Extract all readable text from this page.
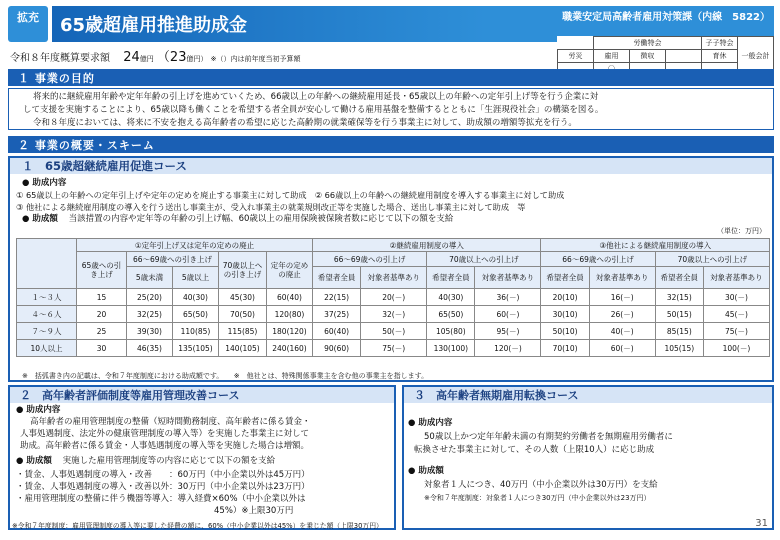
拡充	65歳超雇用推進助成金	職業安定局高齢者雇用対策課（内線　5822）
令和８年度概算要求額 24億円 （23億円） ※（）内は前年度当初予算額
	労働特会			子子特会	一般会計
労災	雇用	徴収		育休	

１ 事業の目的

将来的に継続雇用年齢や定年年齢の引上げを進めていくため、66歳以上の年齢への継続雇用延長・65歳以上の年齢への定年引上げ等を行う企業に対

して支援を実施することにより、65歳以降も働くことを希望する者全員が安心して働ける雇用基盤を整備するとともに「生涯現役社会」の構築を図る。

令和８年度においては、将来に不安を抱える高年齢者の希望に応じた高齢期の就業確保等を行う事業主に対して、助成額の増額等拡充を行う。

２ 事業の概要・スキーム
１　65歳超継続雇用促進コース
● 助成内容
① 65歳以上の年齢への定年引上げや定年の定めを廃止する事業主に対して助成　② 66歳以上の年齢への継続雇用制度を導入する事業主に対して助成
③ 他社による継続雇用制度の導入を行う送出し事業主が、受入れ事業主の就業規則改正等を実施した場合、送出し事業主に対して助成　等
● 助成額 当該措置の内容や定年等の年齢の引上げ幅、60歳以上の雇用保険被保険者数に応じて以下の額を支給
（単位：万円）
	①定年引上げ又は定年の定めの廃止					②継続雇用制度の導入				③他社による継続雇用制度の導入			
	65歳への引き上げ	66～69歳への引き上げ		70歳以上への引き上げ	定年の定めの廃止	66～69歳への引上げ		70歳以上への引上げ		66～69歳への引上げ		70歳以上への引上げ	
		5歳未満	5歳以上			希望者全員	対象者基準あり	希望者全員	対象者基準あり	希望者全員	対象者基準あり	希望者全員	対象者基準あり
１～３人	15	25(20)	40(30)	45(30)	60(40)	22(15)	20(－)	40(30)	36(－)	20(10)	16(－)	32(15)	30(－)
４～６人	20	32(25)	65(50)	70(50)	120(80)	37(25)	32(－)	65(50)	60(－)	30(10)	26(－)	50(15)	45(－)
７～９人	25	39(30)	110(85)	115(85)	180(120)	60(40)	50(－)	105(80)	95(－)	50(10)	40(－)	85(15)	75(－)
10人以上	30	46(35)	135(105)	140(105)	240(160)	90(60)	75(－)	130(100)	120(－)	70(10)	60(－)	105(15)	100(－)
※　括弧書き内の記載は、令和７年度制度における助成額です。　　※　他社とは、特殊関係事業主を含む他の事業主を指します。
２　高年齢者評価制度等雇用管理改善コース
● 助成内容
高年齢者の雇用管理制度の整備（短時間勤務制度、高年齢者に係る賃金・
人事処遇制度、法定外の健康管理制度の導入等）を実施した事業主に対して
助成。高年齢者に係る賃金・人事処遇制度の導入等を実施した場合は増額。
● 助成額 実施した雇用管理制度等の内容に応じて以下の額を支給
・賃金、人事処遇制度の導入・改善　　：60万円（中小企業以外は45万円）
・賃金、人事処遇制度の導入・改善以外：30万円（中小企業以外は23万円）
・雇用管理制度の整備に伴う機器等導入：導入経費×60%（中小企業以外は
45%）※上限30万円
※令和７年度制度：雇用管理制度の導入等に要した経費の額に、60%（中小企業以外は45%）を乗じた額（上限30万円）
３　高年齢者無期雇用転換コース
● 助成内容
50歳以上かつ定年年齢未満の有期契約労働者を無期雇用労働者に
転換させた事業主に対して、その人数（上限10人）に応じ助成
● 助成額
対象者１人につき、40万円（中小企業以外は30万円）を支給
※令和７年度制度：対象者１人につき30万円（中小企業以外は23万円）
31
